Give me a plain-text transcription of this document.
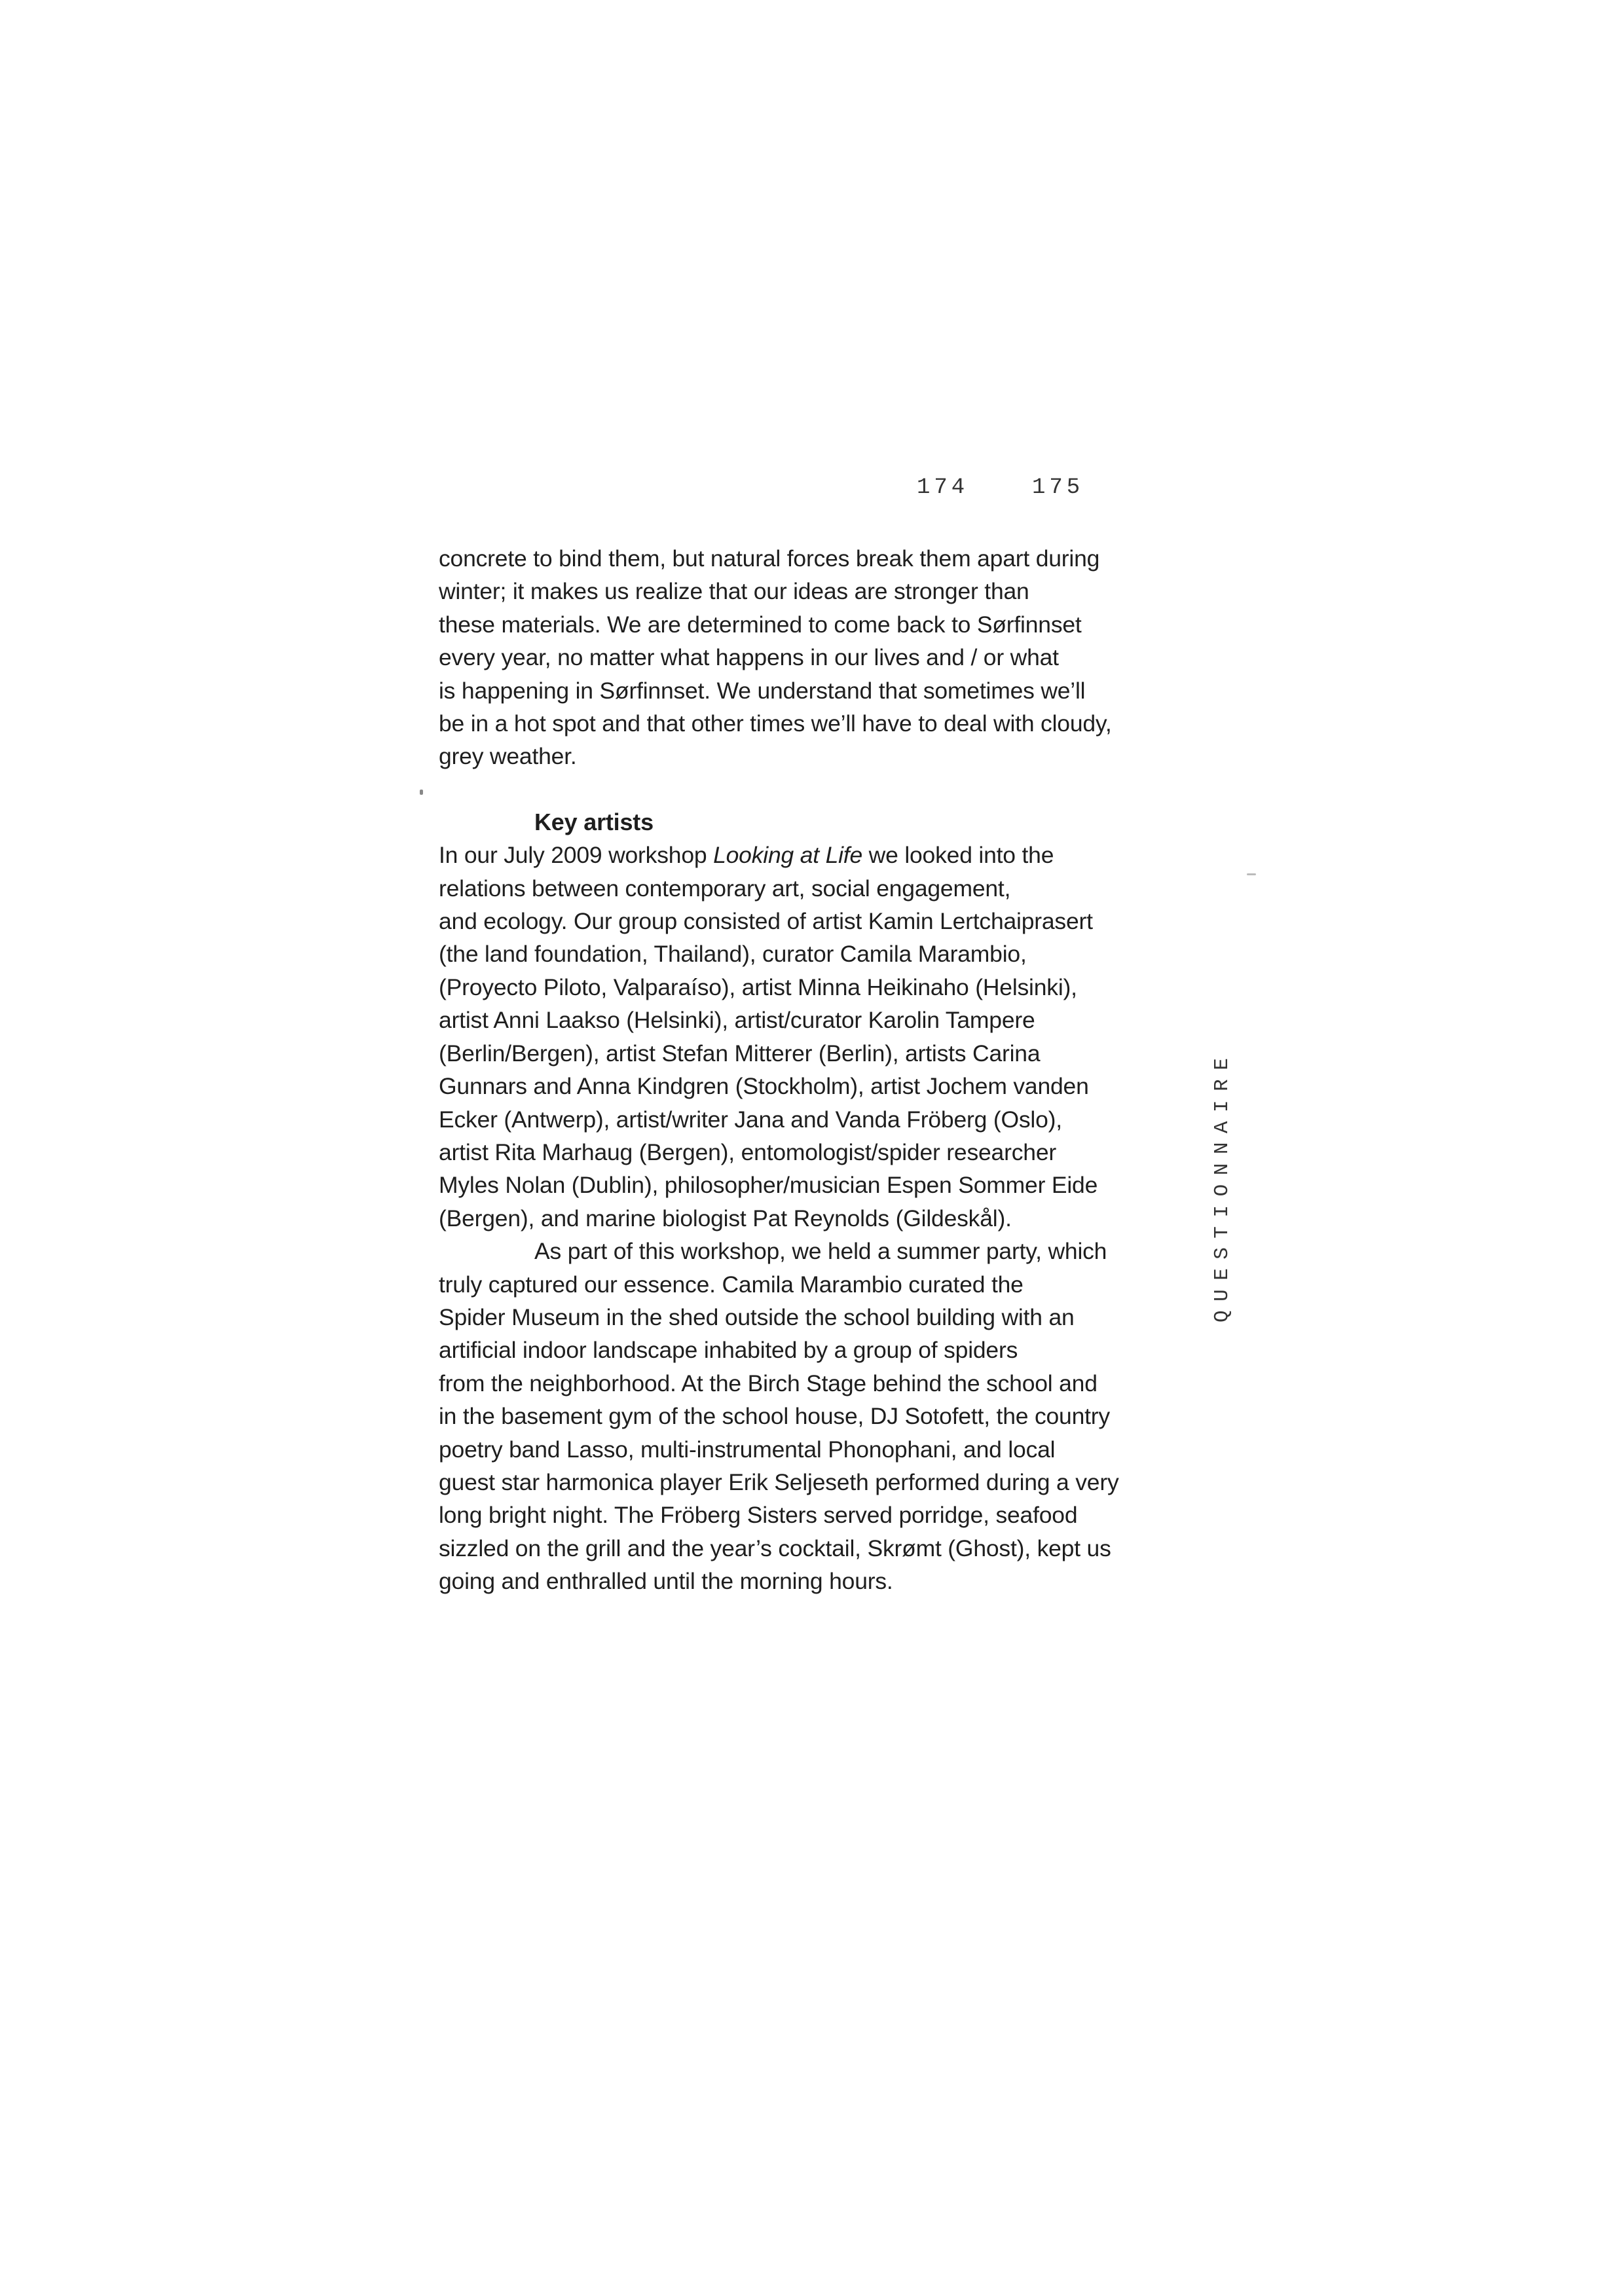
174	175
concrete to bind them, but natural forces break them apart during
winter; it makes us realize that our ideas are stronger than
these materials. We are determined to come back to Sørfinnset
every year, no matter what happens in our lives and / or what
is happening in Sørfinnset. We understand that sometimes we’ll
be in a hot spot and that other times we’ll have to deal with cloudy,
grey weather.
Key artists
In our July 2009 workshop Looking at Life we looked into the
relations between contemporary art, social engagement,
and ecology. Our group consisted of artist Kamin Lertchaiprasert
(the land foundation, Thailand), curator Camila Marambio,
(Proyecto Piloto, Valparaíso), artist Minna Heikinaho (Helsinki),
artist Anni Laakso (Helsinki), artist/curator Karolin Tampere
(Berlin/Bergen), artist Stefan Mitterer (Berlin), artists Carina
Gunnars and Anna Kindgren (Stockholm), artist Jochem vanden
Ecker (Antwerp), artist/writer Jana and Vanda Fröberg (Oslo),
artist Rita Marhaug (Bergen), entomologist/spider researcher
Myles Nolan (Dublin), philosopher/musician Espen Sommer Eide
(Bergen), and marine biologist Pat Reynolds (Gildeskål).
As part of this workshop, we held a summer party, which
truly captured our essence. Camila Marambio curated the
Spider Museum in the shed outside the school building with an
artificial indoor landscape inhabited by a group of spiders
from the neighborhood. At the Birch Stage behind the school and
in the basement gym of the school house, DJ Sotofett, the country
poetry band Lasso, multi-instrumental Phonophani, and local
guest star harmonica player Erik Seljeseth performed during a very
long bright night. The Fröberg Sisters served porridge, seafood
sizzled on the grill and the year’s cocktail, Skrømt (Ghost), kept us
going and enthralled until the morning hours.
QUESTIONNAIRE
